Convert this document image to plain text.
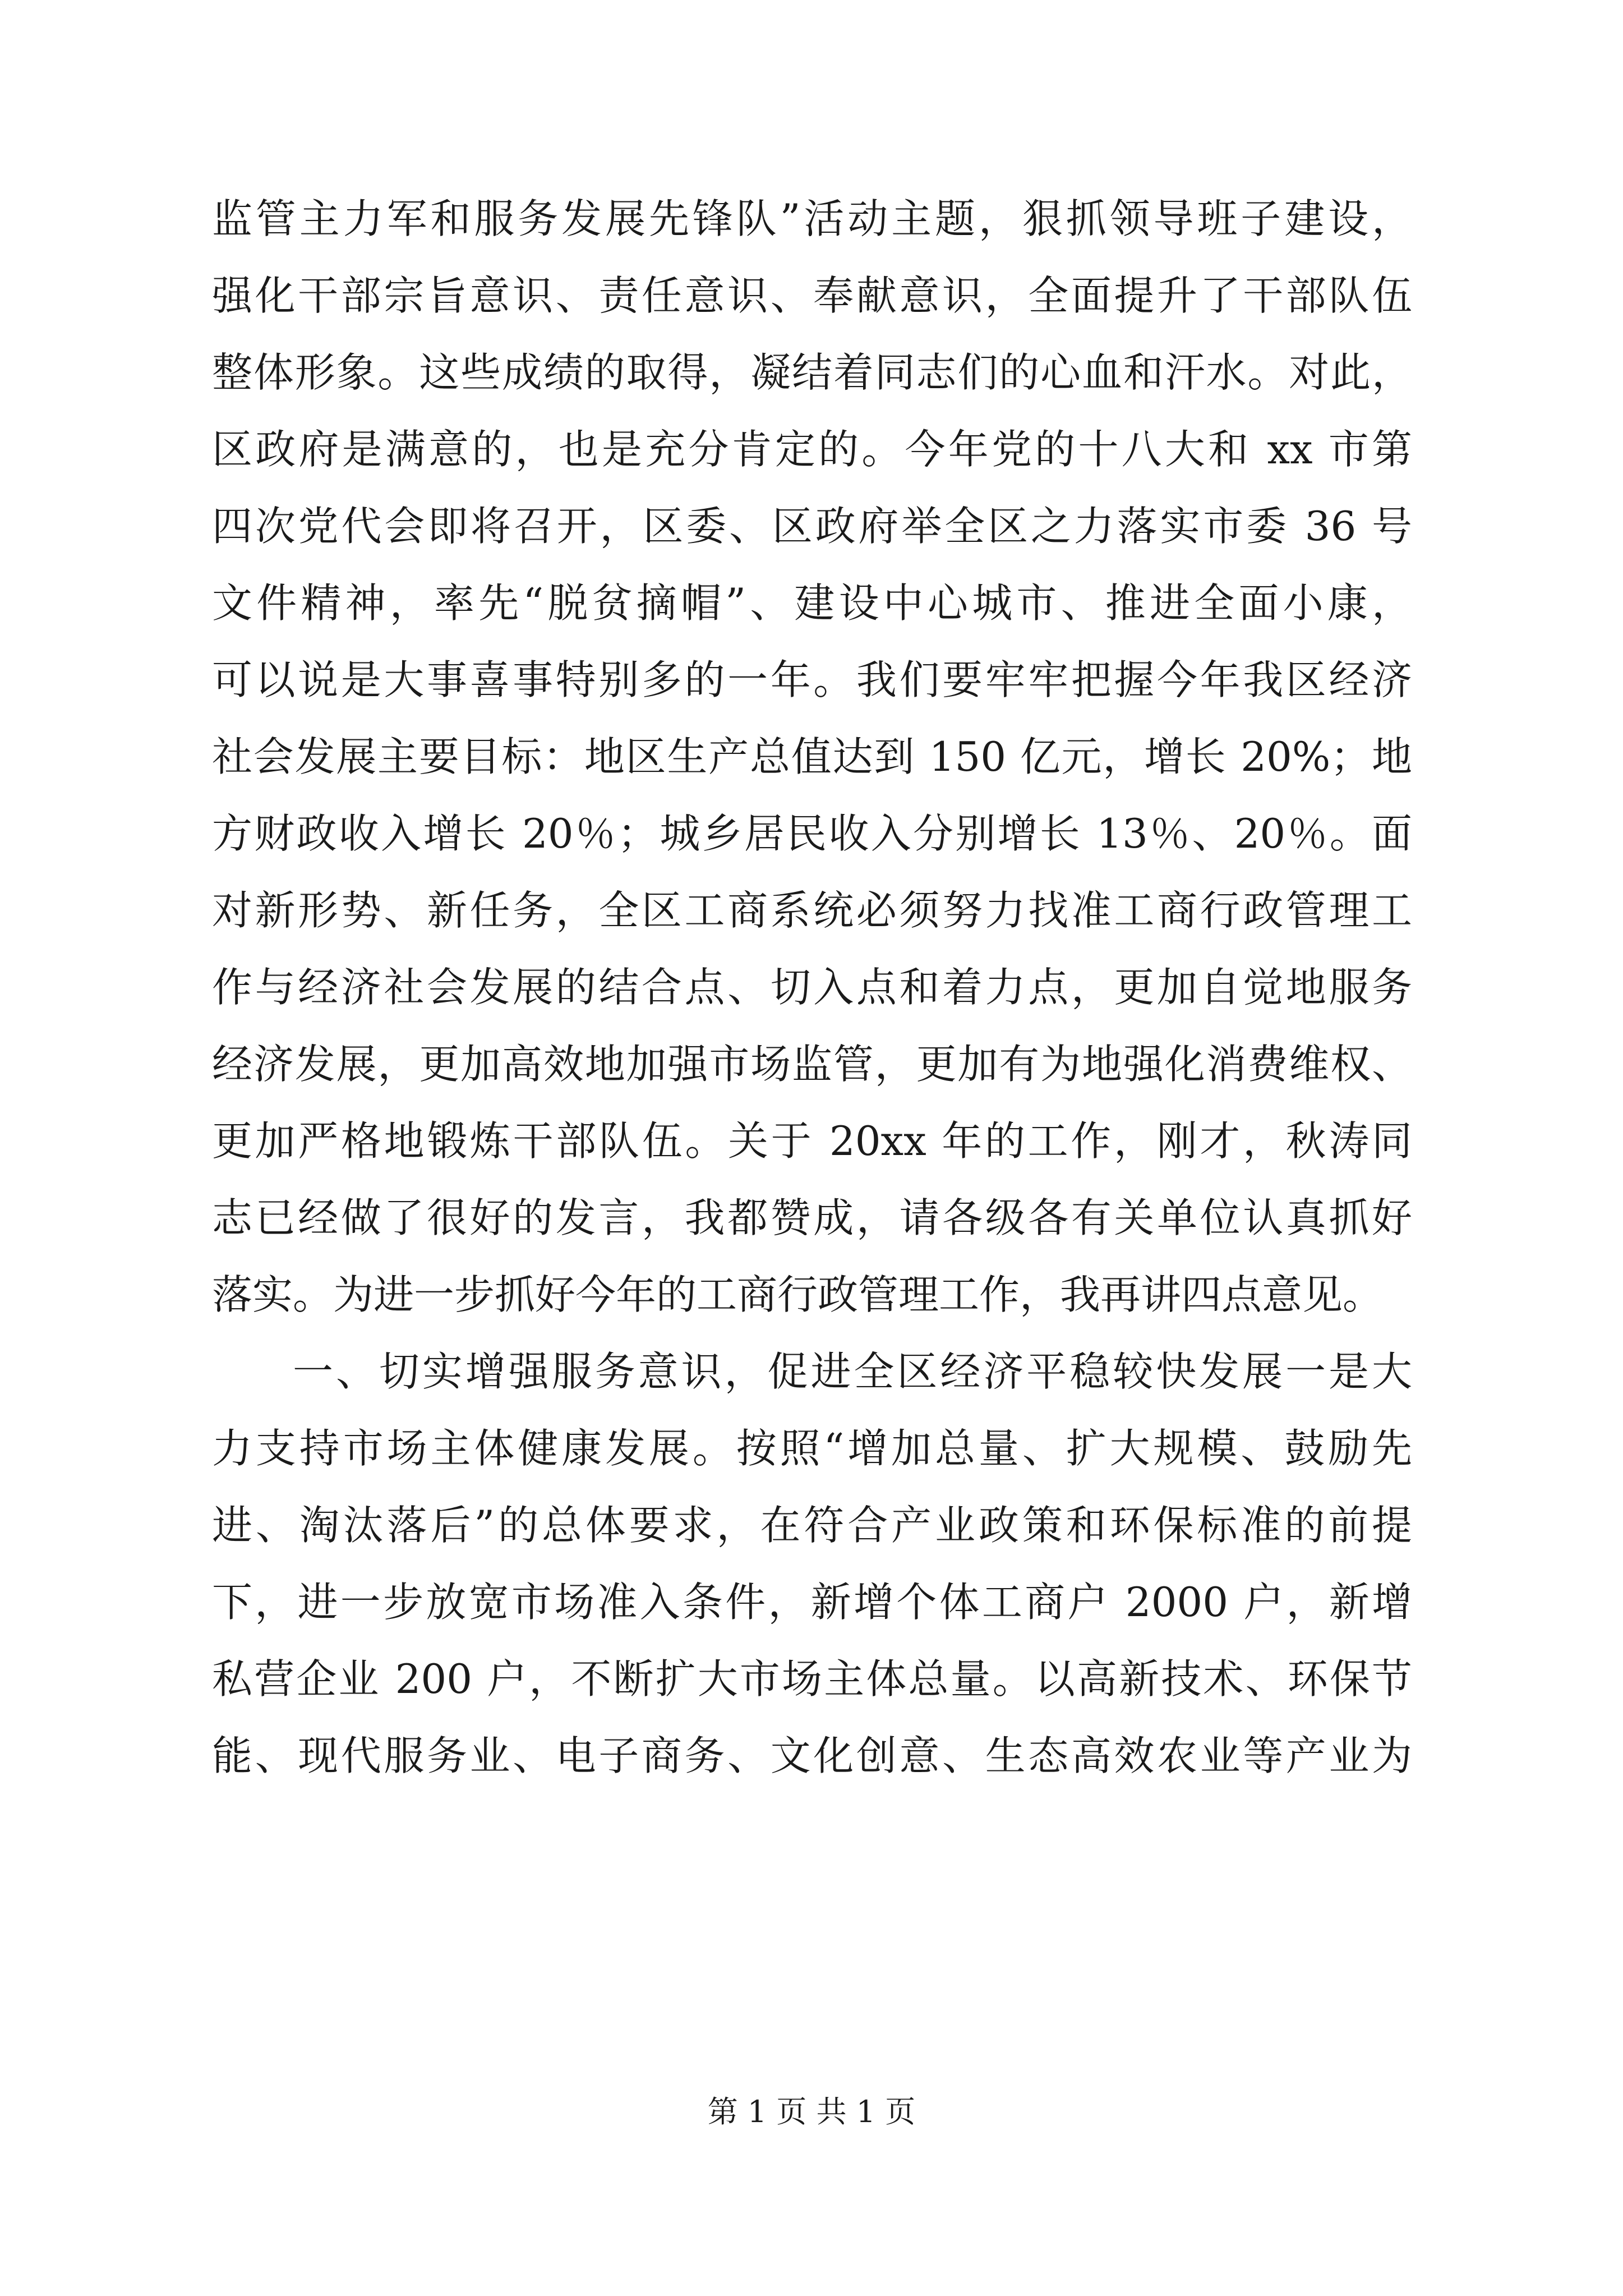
监管主力军和服务发展先锋队”活动主题，狠抓领导班子建设，
强化干部宗旨意识、责任意识、奉献意识，全面提升了干部队伍
整体形象。这些成绩的取得，凝结着同志们的心血和汗水。对此，
区政府是满意的，也是充分肯定的。今年党的十八大和 xx 市第
四次党代会即将召开，区委、区政府举全区之力落实市委 36 号
文件精神，率先“脱贫摘帽”、建设中心城市、推进全面小康，
可以说是大事喜事特别多的一年。我们要牢牢把握今年我区经济
社会发展主要目标：地区生产总值达到 150 亿元，增长 20%；地
方财政收入增长 20％；城乡居民收入分别增长 13％、20％。面
对新形势、新任务，全区工商系统必须努力找准工商行政管理工
作与经济社会发展的结合点、切入点和着力点，更加自觉地服务
经济发展，更加高效地加强市场监管，更加有为地强化消费维权、
更加严格地锻炼干部队伍。关于 20xx 年的工作，刚才，秋涛同
志已经做了很好的发言，我都赞成，请各级各有关单位认真抓好
落实。为进一步抓好今年的工商行政管理工作，我再讲四点意见。
一、切实增强服务意识，促进全区经济平稳较快发展一是大
力支持市场主体健康发展。按照“增加总量、扩大规模、鼓励先
进、淘汰落后”的总体要求，在符合产业政策和环保标准的前提
下，进一步放宽市场准入条件，新增个体工商户 2000 户，新增
私营企业 200 户，不断扩大市场主体总量。以高新技术、环保节
能、现代服务业、电子商务、文化创意、生态高效农业等产业为
第 1 页 共 1 页
